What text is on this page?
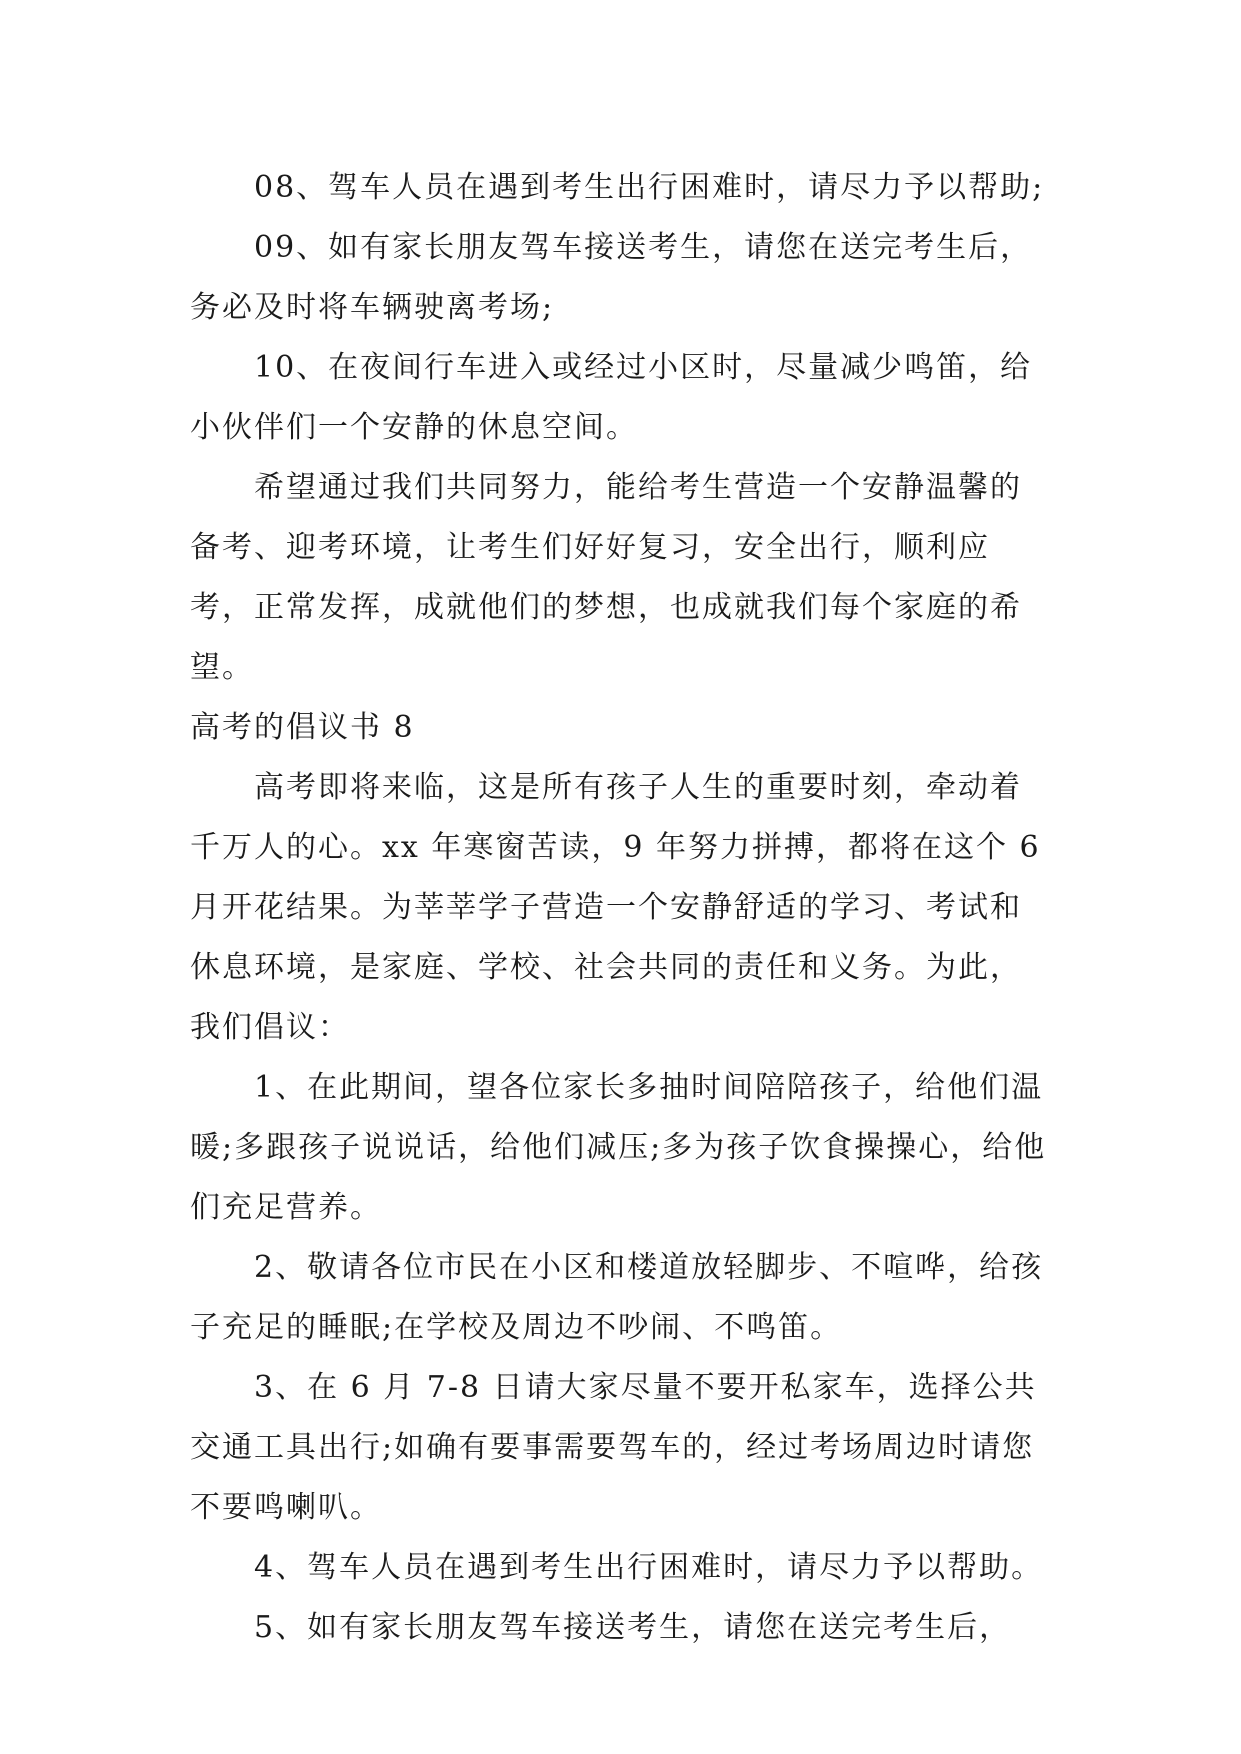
08、驾车人员在遇到考生出行困难时，请尽力予以帮助;

09、如有家长朋友驾车接送考生，请您在送完考生后，务必及时将车辆驶离考场;

10、在夜间行车进入或经过小区时，尽量减少鸣笛，给小伙伴们一个安静的休息空间。

希望通过我们共同努力，能给考生营造一个安静温馨的备考、迎考环境，让考生们好好复习，安全出行，顺利应考，正常发挥，成就他们的梦想，也成就我们每个家庭的希望。

高考的倡议书 8

高考即将来临，这是所有孩子人生的重要时刻，牵动着千万人的心。xx 年寒窗苦读，9 年努力拼搏，都将在这个 6 月开花结果。为莘莘学子营造一个安静舒适的学习、考试和休息环境，是家庭、学校、社会共同的责任和义务。为此，我们倡议：

1、在此期间，望各位家长多抽时间陪陪孩子，给他们温暖;多跟孩子说说话，给他们减压;多为孩子饮食操操心，给他们充足营养。

2、敬请各位市民在小区和楼道放轻脚步、不喧哗，给孩子充足的睡眠;在学校及周边不吵闹、不鸣笛。

3、在 6 月 7-8 日请大家尽量不要开私家车，选择公共交通工具出行;如确有要事需要驾车的，经过考场周边时请您不要鸣喇叭。

4、驾车人员在遇到考生出行困难时，请尽力予以帮助。

5、如有家长朋友驾车接送考生，请您在送完考生后，
